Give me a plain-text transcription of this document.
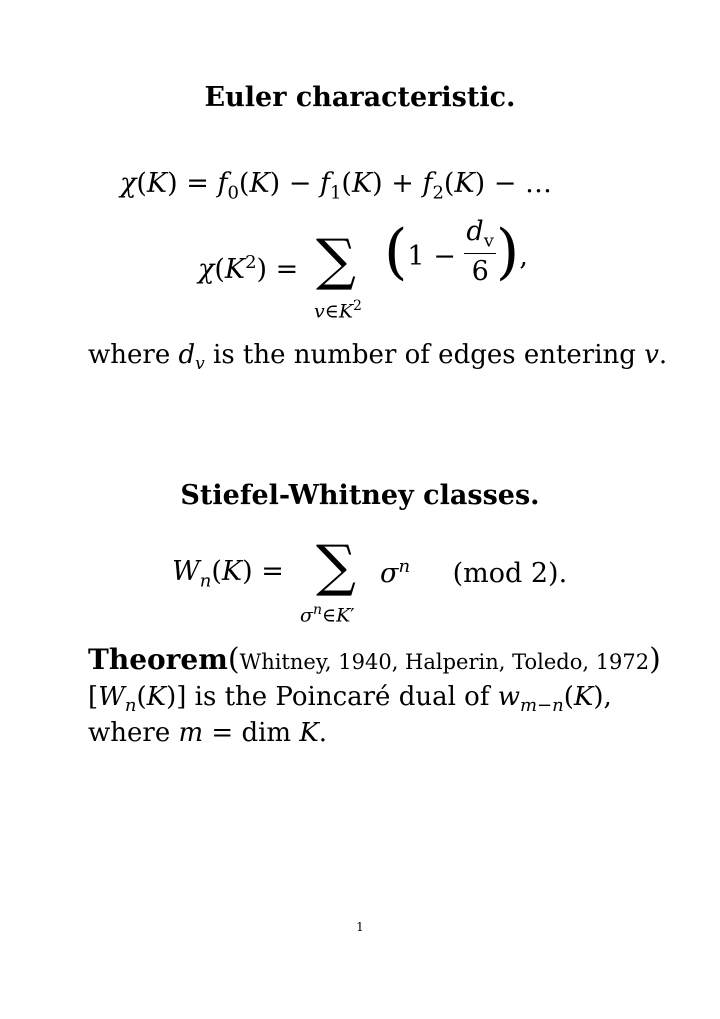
Euler characteristic.
$\chi(K) = f_0(K) - f_1(K) + f_2(K)$ − …
$\chi(K^2)$ = ∑
$v\in K^2$
($1 - \frac{d_v}{6}$ ),
where $d_v$ is the number of edges entering v.
Stiefel-Whitney classes.
$W_n(K)$ = ∑
$\sigma^n\in K'$
$\sigma^n$ (mod 2).
Theorem(Whitney, 1940, Halperin, Toledo, 1972)
$[W_n(K)]$ is the Poincaré dual of $w_{m-n}(K)$,
where m = dim K.
1
